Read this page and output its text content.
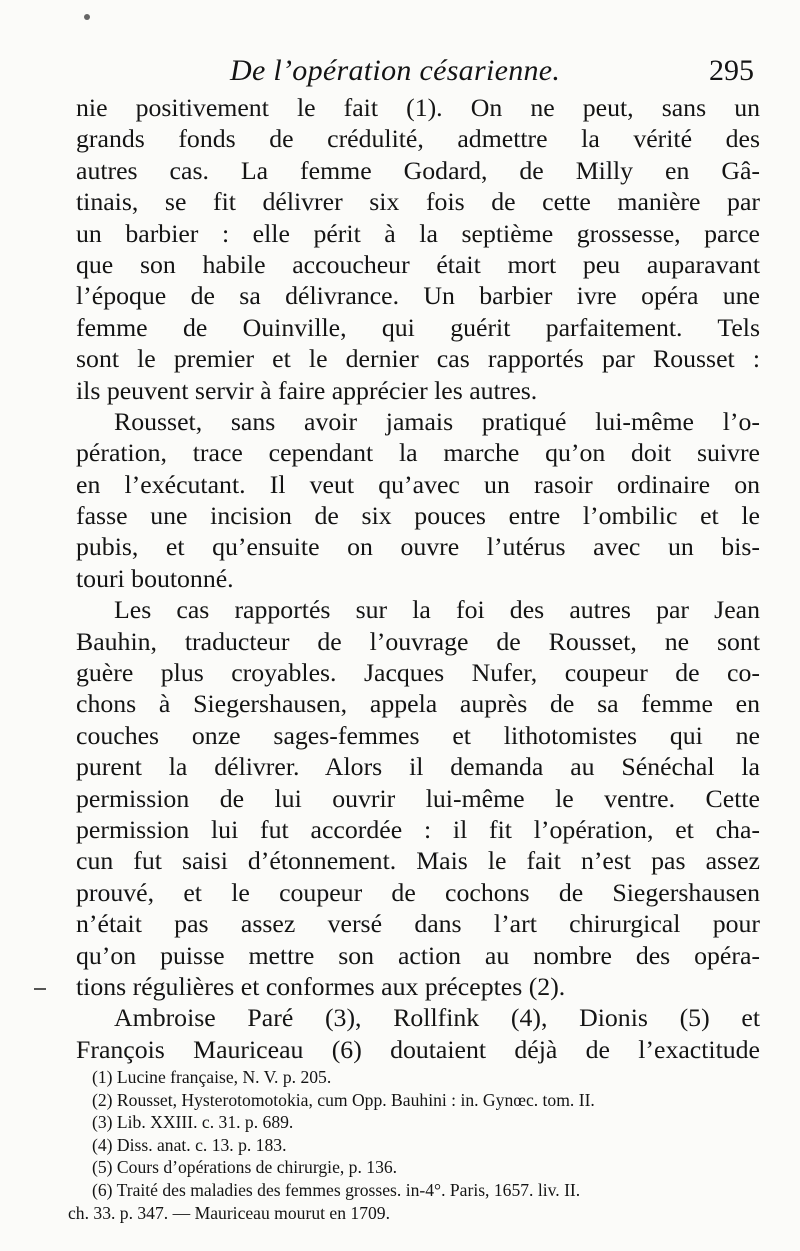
De l’opération césarienne.	295
nie positivement le fait (1). On ne peut, sans un
grands fonds de crédulité, admettre la vérité des
autres cas. La femme Godard, de Milly en Gâ-
tinais, se fit délivrer six fois de cette manière par
un barbier : elle périt à la septième grossesse, parce
que son habile accoucheur était mort peu auparavant
l’époque de sa délivrance. Un barbier ivre opéra une
femme de Ouinville, qui guérit parfaitement. Tels
sont le premier et le dernier cas rapportés par Rousset :
ils peuvent servir à faire apprécier les autres.
Rousset, sans avoir jamais pratiqué lui-même l’o-
pération, trace cependant la marche qu’on doit suivre
en l’exécutant. Il veut qu’avec un rasoir ordinaire on
fasse une incision de six pouces entre l’ombilic et le
pubis, et qu’ensuite on ouvre l’utérus avec un bis-
touri boutonné.
Les cas rapportés sur la foi des autres par Jean
Bauhin, traducteur de l’ouvrage de Rousset, ne sont
guère plus croyables. Jacques Nufer, coupeur de co-
chons à Siegershausen, appela auprès de sa femme en
couches onze sages-femmes et lithotomistes qui ne
purent la délivrer. Alors il demanda au Sénéchal la
permission de lui ouvrir lui-même le ventre. Cette
permission lui fut accordée : il fit l’opération, et cha-
cun fut saisi d’étonnement. Mais le fait n’est pas assez
prouvé, et le coupeur de cochons de Siegershausen
n’était pas assez versé dans l’art chirurgical pour
qu’on puisse mettre son action au nombre des opéra-
tions régulières et conformes aux préceptes (2).
Ambroise Paré (3), Rollfink (4), Dionis (5) et
François Mauriceau (6) doutaient déjà de l’exactitude
(1) Lucine française, N. V. p. 205.
(2) Rousset, Hysterotomotokia, cum Opp. Bauhini : in. Gynœc. tom. II.
(3) Lib. XXIII. c. 31. p. 689.
(4) Diss. anat. c. 13. p. 183.
(5) Cours d’opérations de chirurgie, p. 136.
(6) Traité des maladies des femmes grosses. in-4°. Paris, 1657. liv. II.
ch. 33. p. 347. — Mauriceau mourut en 1709.
